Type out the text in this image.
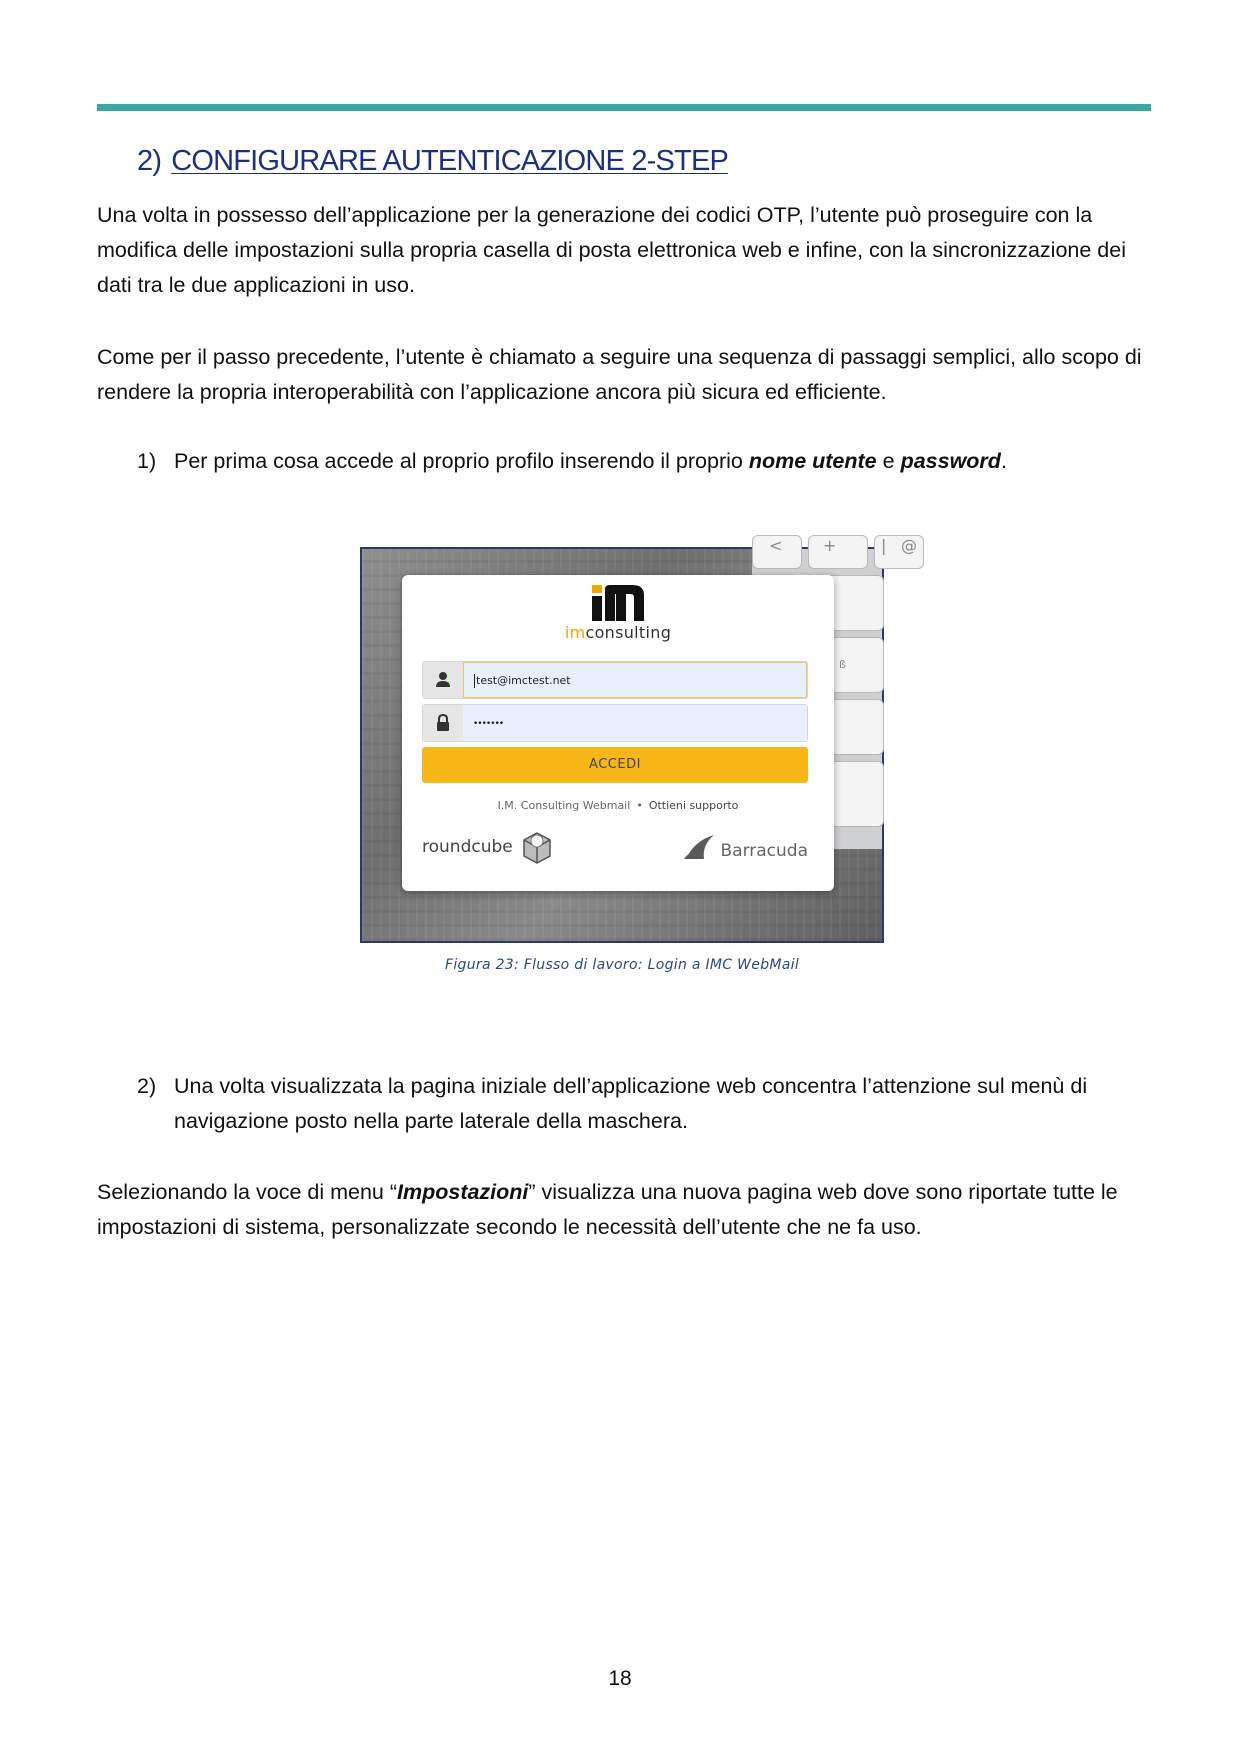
2) CONFIGURARE AUTENTICAZIONE 2-STEP

Una volta in possesso dell’applicazione per la generazione dei codici OTP, l’utente può proseguire con la modifica delle impostazioni sulla propria casella di posta elettronica web e infine, con la sincronizzazione dei dati tra le due applicazioni in uso.

Come per il passo precedente, l’utente è chiamato a seguire una sequenza di passaggi semplici, allo scopo di rendere la propria interoperabilità con l’applicazione ancora più sicura ed efficiente.

1) Per prima cosa accede al proprio profilo inserendo il proprio nome utente e password.
<	+	| @
ß
imconsulting
test@imctest.net
•••••••
ACCEDI
I.M. Consulting Webmail • Ottieni supporto
roundcube	Barracuda

Figura 23: Flusso di lavoro: Login a IMC WebMail

2) Una volta visualizzata la pagina iniziale dell’applicazione web concentra l’attenzione sul menù di navigazione posto nella parte laterale della maschera.

Selezionando la voce di menu “Impostazioni” visualizza una nuova pagina web dove sono riportate tutte le impostazioni di sistema, personalizzate secondo le necessità dell’utente che ne fa uso.

18
